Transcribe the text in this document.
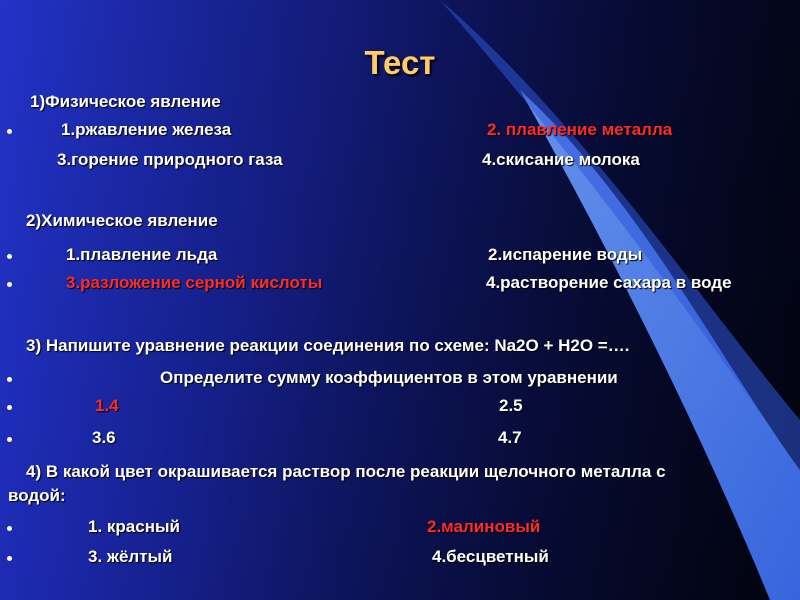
Тест
1)Физическое явление
1.ржавление железа	2. плавление металла
3.горение природного газа	4.скисание молока
2)Химическое явление
1.плавление льда	2.испарение воды
3.разложение серной кислоты	4.растворение сахара в воде
3) Напишите уравнение реакции соединения по схеме: Na2O + H2O =….
Определите сумму коэффициентов в этом уравнении
1.4	2.5
3.6	4.7
4) В какой цвет окрашивается раствор после реакции щелочного металла с
водой:
1. красный	2.малиновый
3. жёлтый	4.бесцветный
